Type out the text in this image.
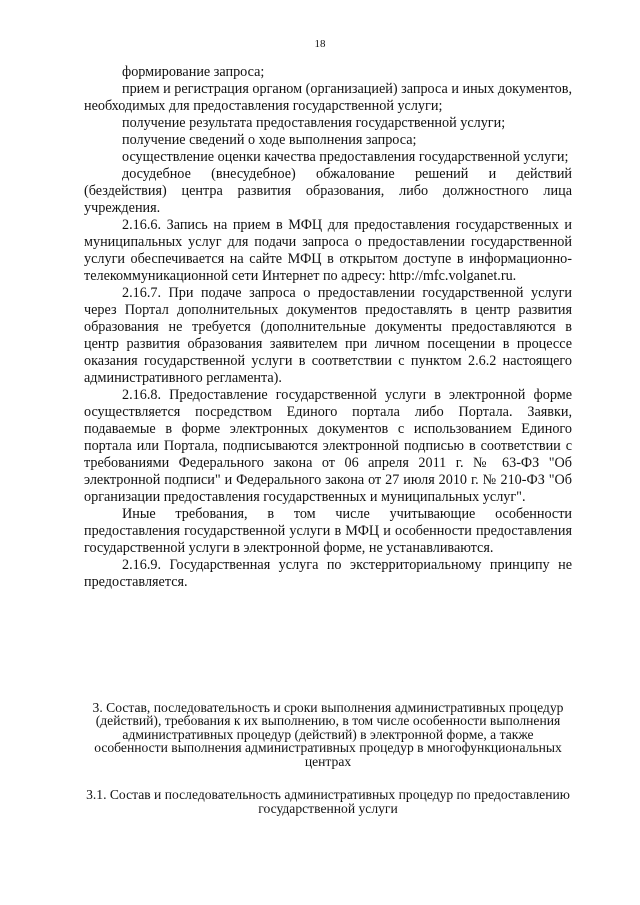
18

формирование запроса;

прием и регистрация органом (организацией) запроса и иных документов, необходимых для предоставления государственной услуги;

получение результата предоставления государственной услуги;

получение сведений о ходе выполнения запроса;

осуществление оценки качества предоставления государственной услуги;

досудебное (внесудебное) обжалование решений и действий (бездействия) центра развития образования, либо должностного лица учреждения.

2.16.6. Запись на прием в МФЦ для предоставления государственных и муниципальных услуг для подачи запроса о предоставлении государственной услуги обеспечивается на сайте МФЦ в открытом доступе в информационно-телекоммуникационной сети Интернет по адресу: http://mfc.volganet.ru.

2.16.7. При подаче запроса о предоставлении государственной услуги через Портал дополнительных документов предоставлять в центр развития образования не требуется (дополнительные документы предоставляются в центр развития образования заявителем при личном посещении в процессе оказания государственной услуги в соответствии с пунктом 2.6.2 настоящего административного регламента).

2.16.8. Предоставление государственной услуги в электронной форме осуществляется посредством Единого портала либо Портала. Заявки, подаваемые в форме электронных документов с использованием Единого портала или Портала, подписываются электронной подписью в соответствии с требованиями Федерального закона от 06 апреля 2011 г. № 63-ФЗ "Об электронной подписи" и Федерального закона от 27 июля 2010 г. № 210-ФЗ "Об организации предоставления государственных и муниципальных услуг".

Иные требования, в том числе учитывающие особенности предоставления государственной услуги в МФЦ и особенности предоставления государственной услуги в электронной форме, не устанавливаются.

2.16.9. Государственная услуга по экстерриториальному принципу не предоставляется.

3. Состав, последовательность и сроки выполнения административных процедур (действий), требования к их выполнению, в том числе особенности выполнения административных процедур (действий) в электронной форме, а также особенности выполнения административных процедур в многофункциональных центрах

3.1. Состав и последовательность административных процедур по предоставлению государственной услуги
